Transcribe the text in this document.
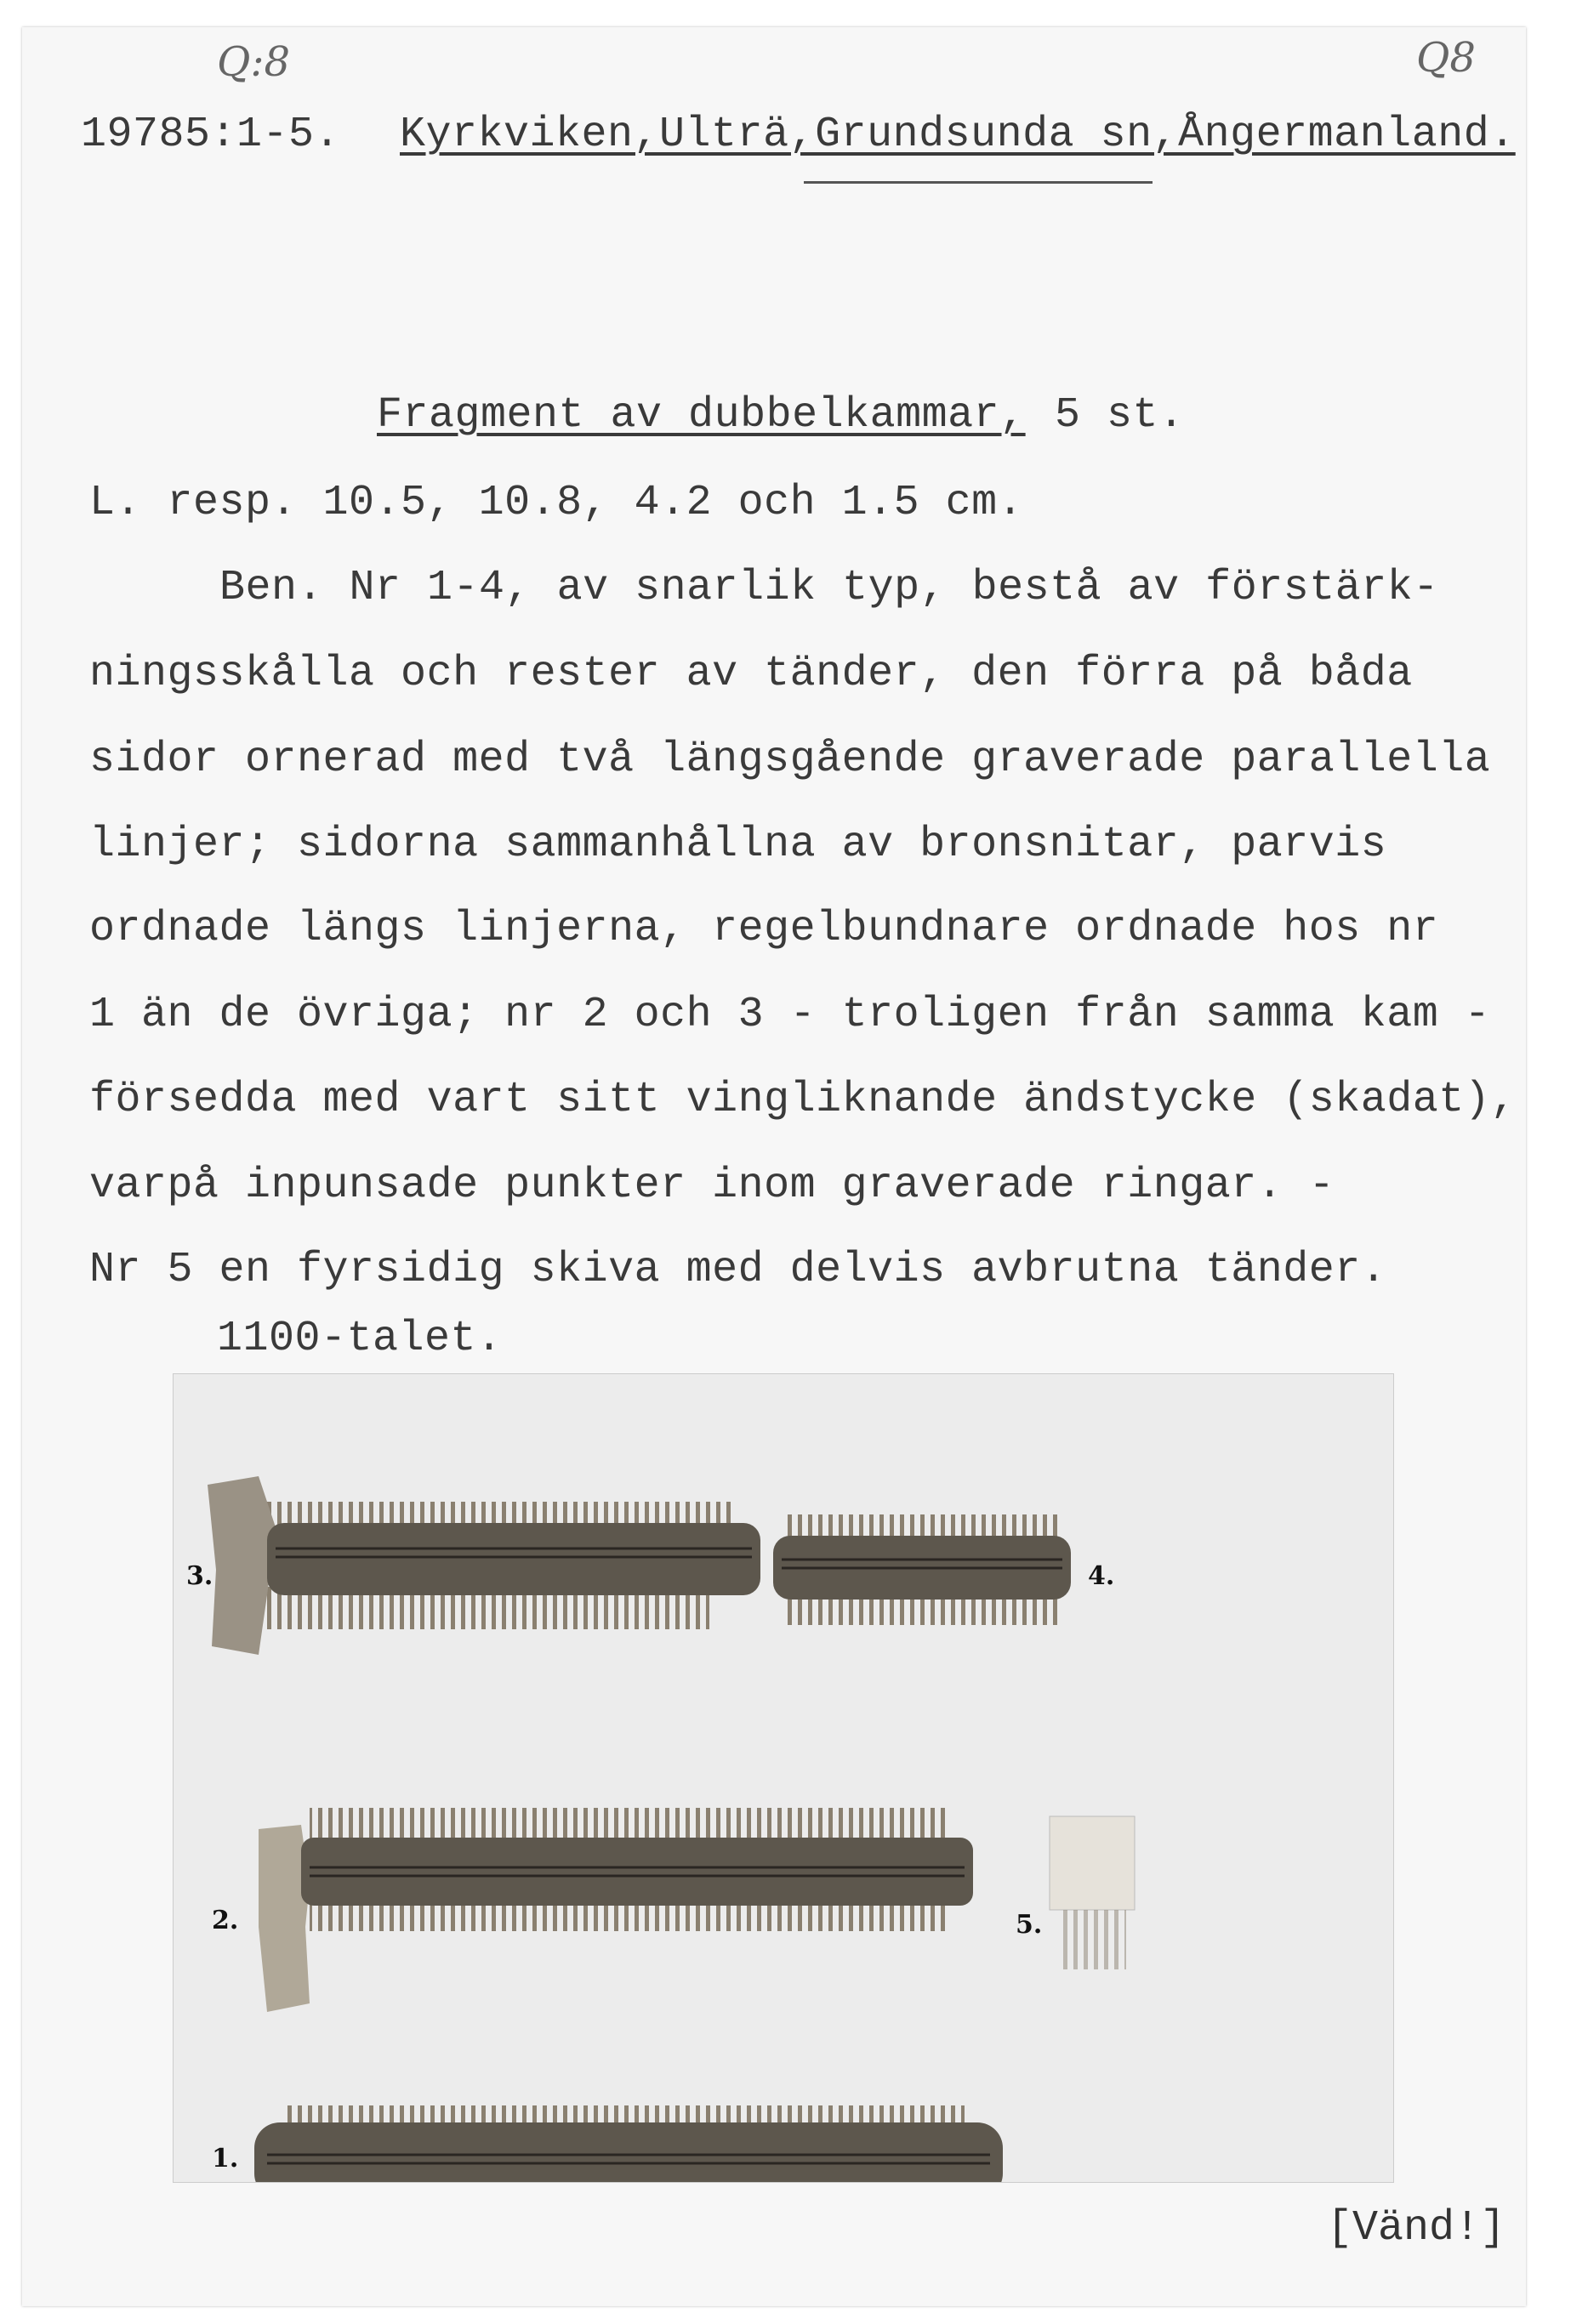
Q:8	Q8
19785:1-5. Kyrkviken,Ulträ,Grundsunda sn,Ångermanland.
Fragment av dubbelkammar, 5 st.
L. resp. 10.5, 10.8, 4.2 och 1.5 cm.
Ben. Nr 1-4, av snarlik typ, bestå av förstärk-
ningsskålla och rester av tänder, den förra på båda
sidor ornerad med två längsgående graverade parallella
linjer; sidorna sammanhållna av bronsnitar, parvis
ordnade längs linjerna, regelbundnare ordnade hos nr
1 än de övriga; nr 2 och 3 - troligen från samma kam -
försedda med vart sitt vingliknande ändstycke (skadat),
varpå inpunsade punkter inom graverade ringar. -
Nr 5 en fyrsidig skiva med delvis avbrutna tänder.
1100-talet.
3.	4.
2.	5.
1.
[Vänd!]
